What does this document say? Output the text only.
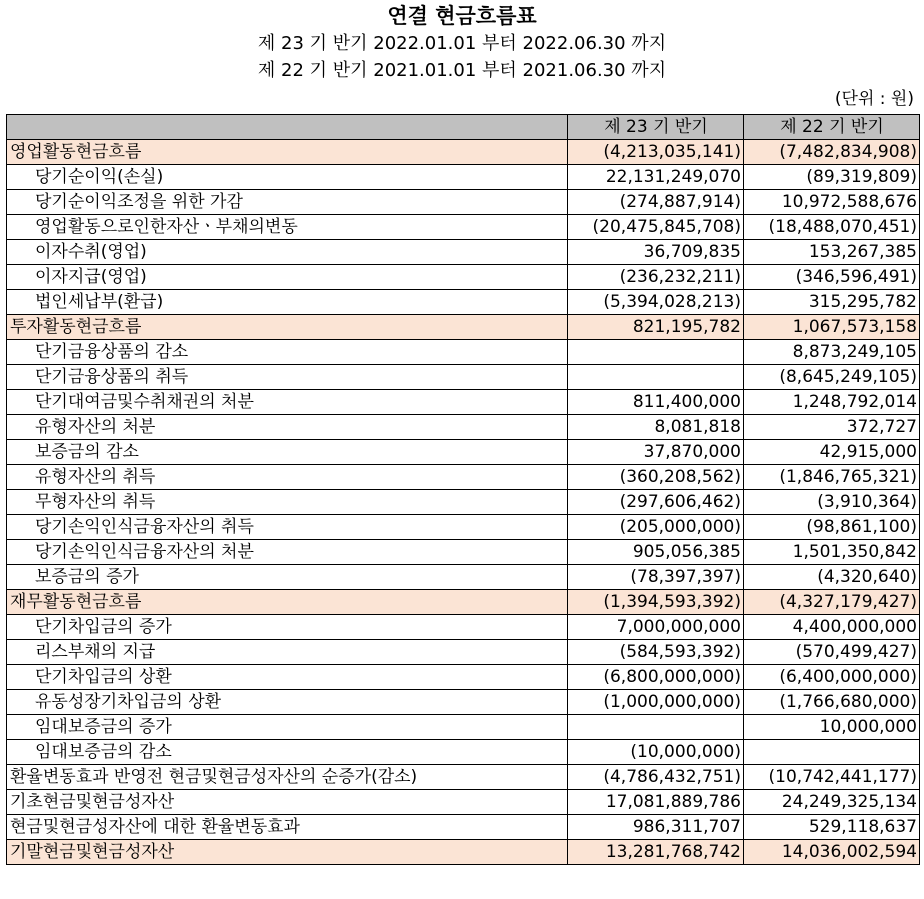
연결 현금흐름표
제 23 기 반기 2022.01.01 부터 2022.06.30 까지
제 22 기 반기 2021.01.01 부터 2021.06.30 까지
(단위 : 원)
	제 23 기 반기	제 22 기 반기
영업활동현금흐름	(4,213,035,141)	(7,482,834,908)
당기순이익(손실)	22,131,249,070	(89,319,809)
당기순이익조정을 위한 가감	(274,887,914)	10,972,588,676
영업활동으로인한자산ㆍ부채의변동	(20,475,845,708)	(18,488,070,451)
이자수취(영업)	36,709,835	153,267,385
이자지급(영업)	(236,232,211)	(346,596,491)
법인세납부(환급)	(5,394,028,213)	315,295,782
투자활동현금흐름	821,195,782	1,067,573,158
단기금융상품의 감소		8,873,249,105
단기금융상품의 취득		(8,645,249,105)
단기대여금및수취채권의 처분	811,400,000	1,248,792,014
유형자산의 처분	8,081,818	372,727
보증금의 감소	37,870,000	42,915,000
유형자산의 취득	(360,208,562)	(1,846,765,321)
무형자산의 취득	(297,606,462)	(3,910,364)
당기손익인식금융자산의 취득	(205,000,000)	(98,861,100)
당기손익인식금융자산의 처분	905,056,385	1,501,350,842
보증금의 증가	(78,397,397)	(4,320,640)
재무활동현금흐름	(1,394,593,392)	(4,327,179,427)
단기차입금의 증가	7,000,000,000	4,400,000,000
리스부채의 지급	(584,593,392)	(570,499,427)
단기차입금의 상환	(6,800,000,000)	(6,400,000,000)
유동성장기차입금의 상환	(1,000,000,000)	(1,766,680,000)
임대보증금의 증가		10,000,000
임대보증금의 감소	(10,000,000)	
환율변동효과 반영전 현금및현금성자산의 순증가(감소)	(4,786,432,751)	(10,742,441,177)
기초현금및현금성자산	17,081,889,786	24,249,325,134
현금및현금성자산에 대한 환율변동효과	986,311,707	529,118,637
기말현금및현금성자산	13,281,768,742	14,036,002,594
